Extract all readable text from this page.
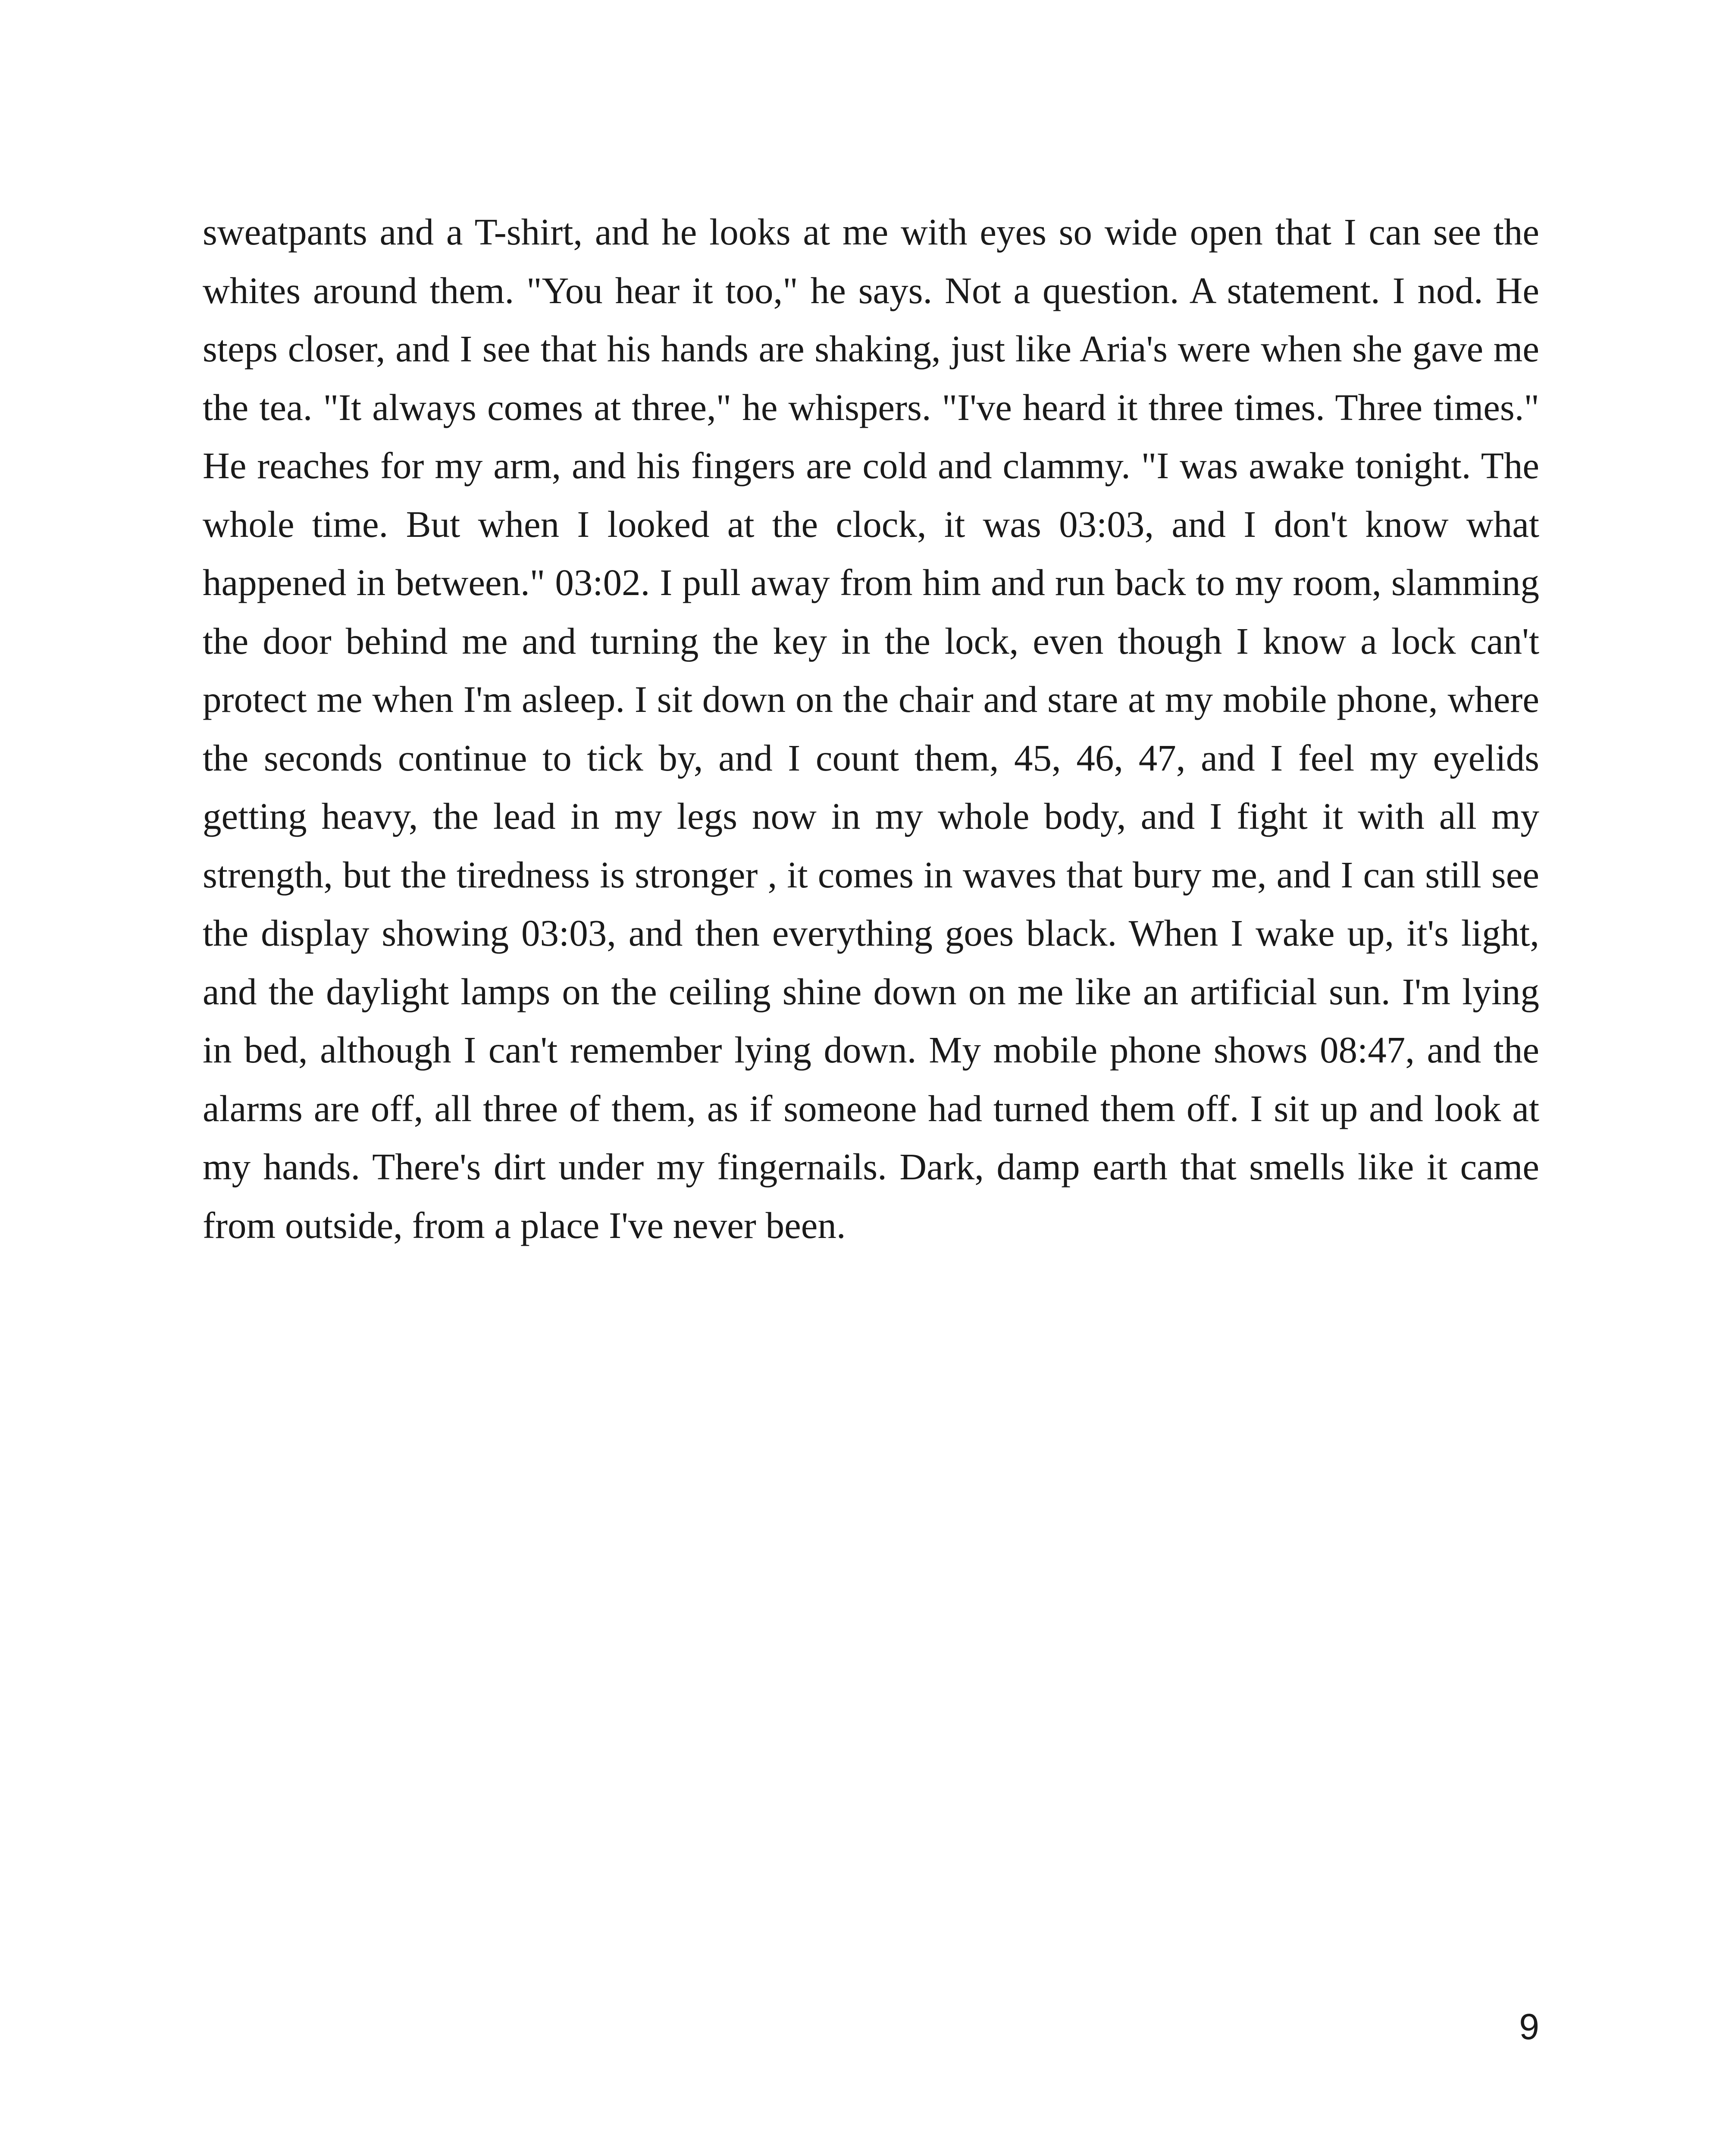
sweatpants and a T-shirt, and he looks at me with eyes so wide open that I can see the whites around them. "You hear it too," he says. Not a question. A statement. I nod. He steps closer, and I see that his hands are shaking, just like Aria's were when she gave me the tea. "It always comes at three," he whispers. "I've heard it three times. Three times." He reaches for my arm, and his fingers are cold and clammy. "I was awake tonight. The whole time. But when I looked at the clock, it was 03:03, and I don't know what happened in between." 03:02. I pull away from him and run back to my room, slamming the door behind me and turning the key in the lock, even though I know a lock can't protect me when I'm asleep. I sit down on the chair and stare at my mobile phone, where the seconds continue to tick by, and I count them, 45, 46, 47, and I feel my eyelids getting heavy, the lead in my legs now in my whole body, and I fight it with all my strength, but the tiredness is stronger , it comes in waves that bury me, and I can still see the display showing 03:03, and then everything goes black. When I wake up, it's light, and the daylight lamps on the ceiling shine down on me like an artificial sun. I'm lying in bed, although I can't remember lying down. My mobile phone shows 08:47, and the alarms are off, all three of them, as if someone had turned them off. I sit up and look at my hands. There's dirt under my fingernails. Dark, damp earth that smells like it came from outside, from a place I've never been.

9
